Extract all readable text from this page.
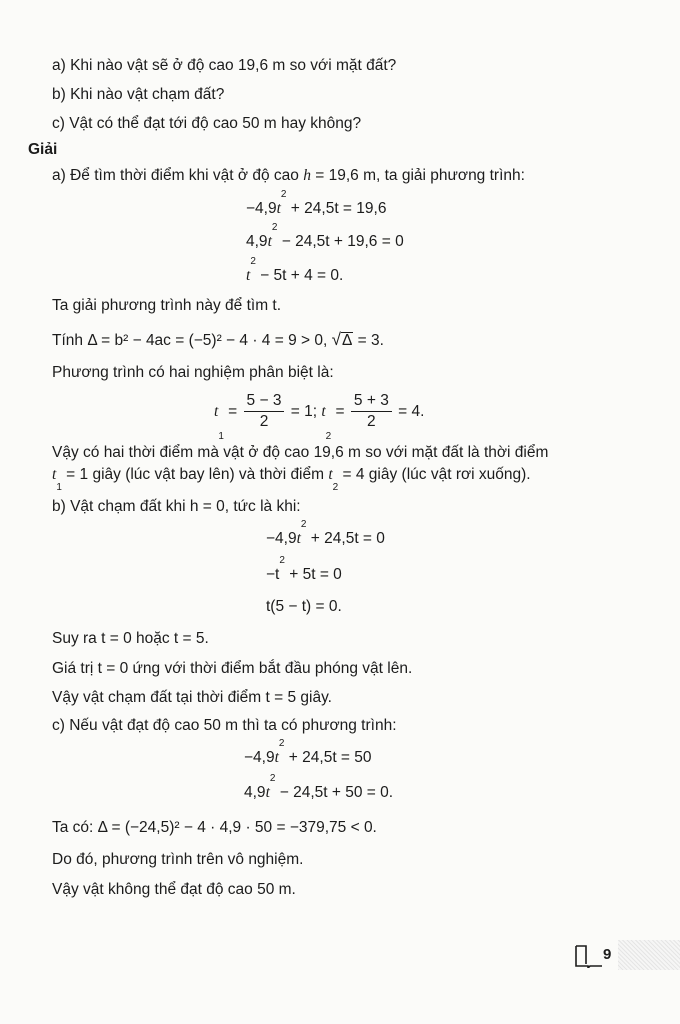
a) Khi nào vật sẽ ở độ cao 19,6 m so với mặt đất?
b) Khi nào vật chạm đất?
c) Vật có thể đạt tới độ cao 50 m hay không?
Giải
a) Để tìm thời điểm khi vật ở độ cao h = 19,6 m, ta giải phương trình:
$-4,9t^2 + 24,5t = 19,6$
$4,9t^2 - 24,5t + 19,6 = 0$
$t^2 - 5t + 4 = 0$.
Ta giải phương trình này để tìm t.
Tính Δ = b² − 4ac = (−5)² − 4 · 4 = 9 > 0, √Δ = 3.
Phương trình có hai nghiệm phân biệt là:
$t_1 = \frac{5 - 3}{2} = 1$; $t_2 = \frac{5 + 3}{2} = 4$.
Vậy có hai thời điểm mà vật ở độ cao 19,6 m so với mặt đất là thời điểm
$t_1 = 1$ giây (lúc vật bay lên) và thời điểm $t_2 = 4$ giây (lúc vật rơi xuống).
b) Vật chạm đất khi h = 0, tức là khi:
$-4,9t^2 + 24,5t = 0$
$-t^2 + 5t = 0$
t(5 − t) = 0.
Suy ra t = 0 hoặc t = 5.
Giá trị t = 0 ứng với thời điểm bắt đầu phóng vật lên.
Vậy vật chạm đất tại thời điểm t = 5 giây.
c) Nếu vật đạt độ cao 50 m thì ta có phương trình:
$-4,9t^2 + 24,5t = 50$
$4,9t^2 - 24,5t + 50 = 0$.
Ta có: Δ = (−24,5)² − 4 · 4,9 · 50 = −379,75 < 0.
Do đó, phương trình trên vô nghiệm.
Vậy vật không thể đạt độ cao 50 m.
9
